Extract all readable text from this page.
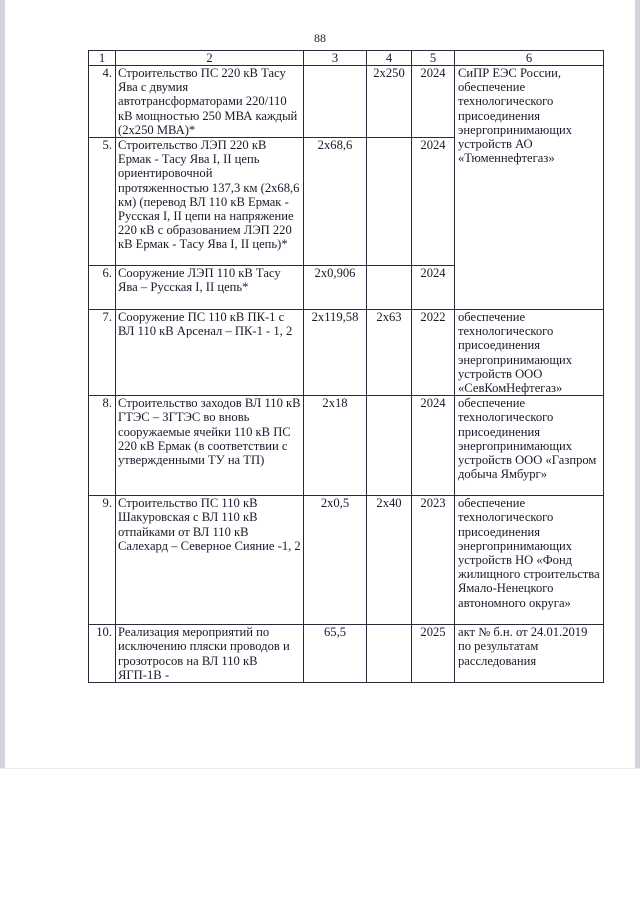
88
1	2	3	4	5	6
4.	Строительство ПС 220 кВ Тасу Ява с двумия автотрансформаторами 220/110 кВ мощностью 250 МВА каждый (2х250 МВА)*		2х250	2024	СиПР ЕЭС России, обеспечение технологического присоединения энергопринимающих устройств АО «Тюменнефтегаз»
5.	Строительство ЛЭП 220 кВ Ермак - Тасу Ява I, II цепь ориентировочной протяженностью 137,3 км (2х68,6 км) (перевод ВЛ 110 кВ Ермак - Русская I, II цепи на напряжение 220 кВ с образованием ЛЭП 220 кВ Ермак - Тасу Ява I, II цепь)*	2х68,6		2024	
6.	Сооружение ЛЭП 110 кВ Тасу Ява – Русская I, II цепь*	2х0,906		2024	
7.	Сооружение ПС 110 кВ ПК-1 с ВЛ 110 кВ Арсенал – ПК-1 - 1, 2	2х119,58	2х63	2022	обеспечение технологического присоединения энергопринимающих устройств ООО «СевКомНефтегаз»
8.	Строительство заходов ВЛ 110 кВ ГТЭС – ЗГТЭС во вновь сооружаемые ячейки 110 кВ ПС 220 кВ Ермак (в соответствии с утвержденными ТУ на ТП)	2х18		2024	обеспечение технологического присоединения энергопринимающих устройств ООО «Газпром добыча Ямбург»
9.	Строительство ПС 110 кВ Шакуровская с ВЛ 110 кВ отпайками от ВЛ 110 кВ Салехард – Северное Сияние -1, 2	2х0,5	2х40	2023	обеспечение технологического присоединения энергопринимающих устройств НО «Фонд жилищного строительства Ямало-Ненецкого автономного округа»
10.	Реализация мероприятий по исключению пляски проводов и грозотросов на ВЛ 110 кВ ЯГП-1В -	65,5		2025	акт № б.н. от 24.01.2019 по результатам расследования
